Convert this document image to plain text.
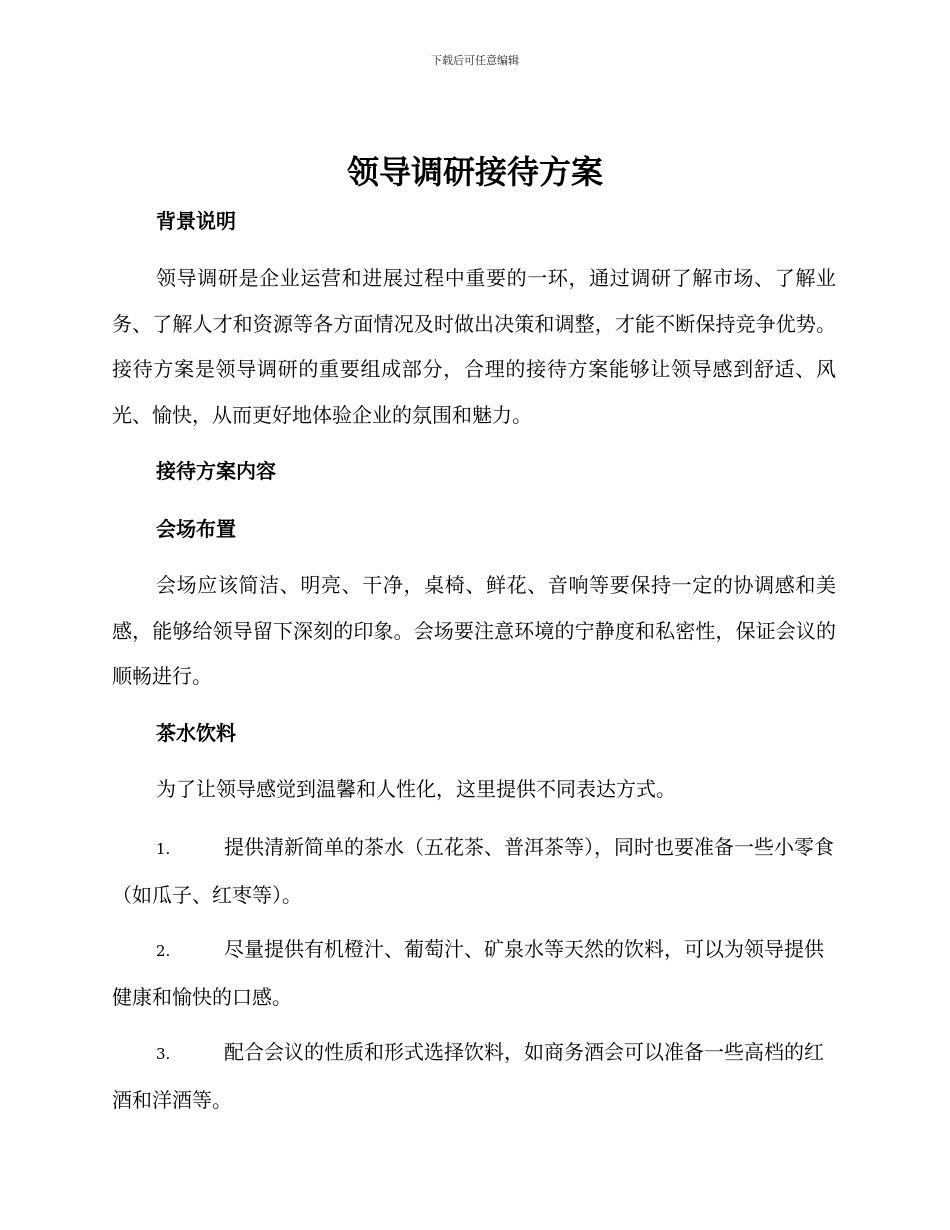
下载后可任意编辑
领导调研接待方案
背景说明

领导调研是企业运营和进展过程中重要的一环，通过调研了解市场、了解业务、了解人才和资源等各方面情况及时做出决策和调整，才能不断保持竞争优势。接待方案是领导调研的重要组成部分，合理的接待方案能够让领导感到舒适、风光、愉快，从而更好地体验企业的氛围和魅力。

接待方案内容
会场布置

会场应该简洁、明亮、干净，桌椅、鲜花、音响等要保持一定的协调感和美感，能够给领导留下深刻的印象。会场要注意环境的宁静度和私密性，保证会议的顺畅进行。

茶水饮料

为了让领导感觉到温馨和人性化，这里提供不同表达方式。

1.	提供清新简单的茶水（五花茶、普洱茶等），同时也要准备一些小零食（如瓜子、红枣等）。
2.	尽量提供有机橙汁、葡萄汁、矿泉水等天然的饮料，可以为领导提供健康和愉快的口感。
3.	配合会议的性质和形式选择饮料，如商务酒会可以准备一些高档的红酒和洋酒等。
